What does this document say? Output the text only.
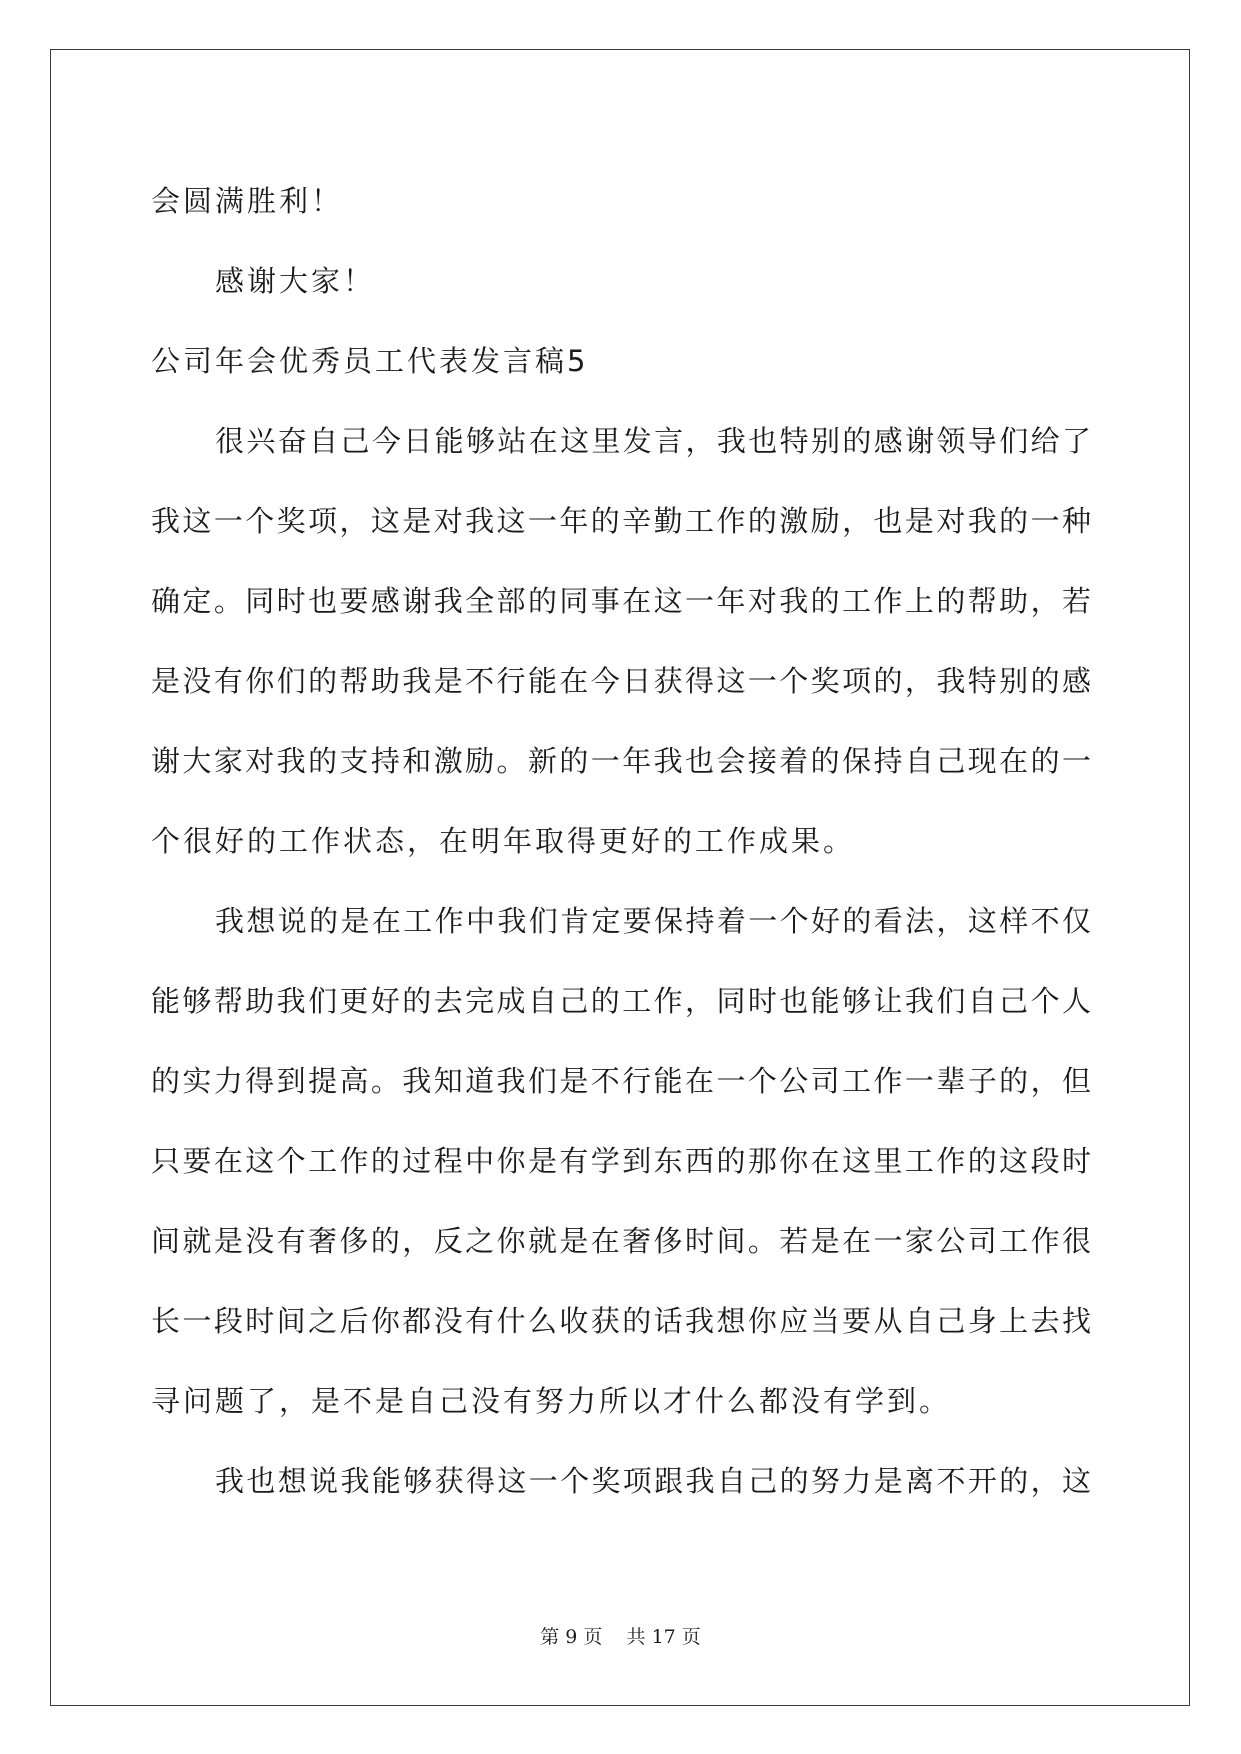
会圆满胜利！
感谢大家！
公司年会优秀员工代表发言稿5
很兴奋自己今日能够站在这里发言，我也特别的感谢领导们给了
我这一个奖项，这是对我这一年的辛勤工作的激励，也是对我的一种
确定。同时也要感谢我全部的同事在这一年对我的工作上的帮助，若
是没有你们的帮助我是不行能在今日获得这一个奖项的，我特别的感
谢大家对我的支持和激励。新的一年我也会接着的保持自己现在的一
个很好的工作状态，在明年取得更好的工作成果。
我想说的是在工作中我们肯定要保持着一个好的看法，这样不仅
能够帮助我们更好的去完成自己的工作，同时也能够让我们自己个人
的实力得到提高。我知道我们是不行能在一个公司工作一辈子的，但
只要在这个工作的过程中你是有学到东西的那你在这里工作的这段时
间就是没有奢侈的，反之你就是在奢侈时间。若是在一家公司工作很
长一段时间之后你都没有什么收获的话我想你应当要从自己身上去找
寻问题了，是不是自己没有努力所以才什么都没有学到。
我也想说我能够获得这一个奖项跟我自己的努力是离不开的，这
第 9 页    共 17 页
